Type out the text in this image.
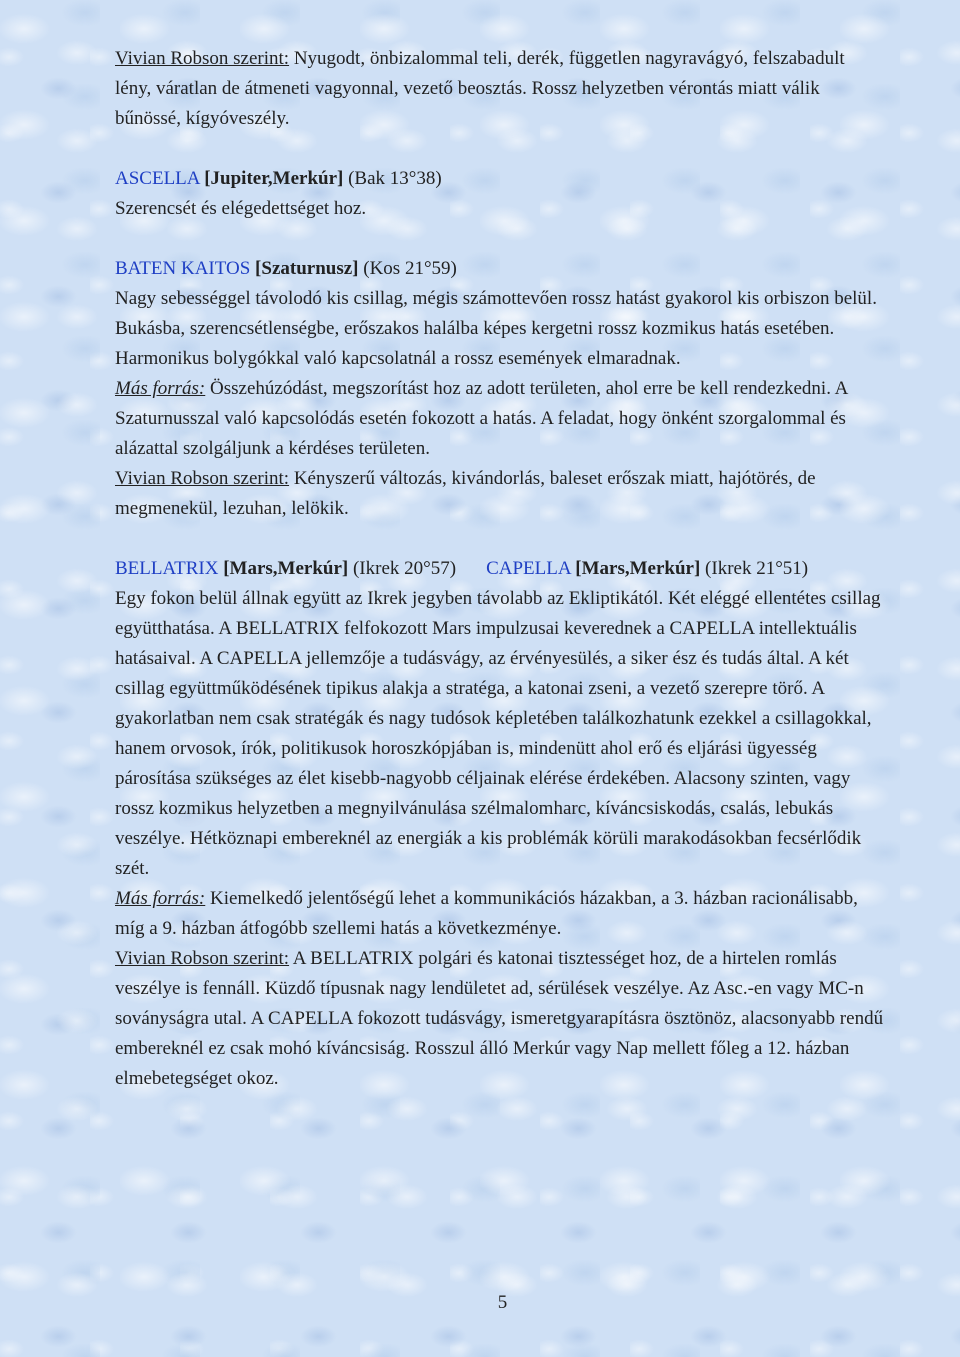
Vivian Robson szerint: Nyugodt, önbizalommal teli, derék, független nagyravágyó, felszabadult lény, váratlan de átmeneti vagyonnal, vezető beosztás. Rossz helyzetben vérontás miatt válik bűnössé, kígyóveszély.

ASCELLA [Jupiter,Merkúr] (Bak 13°38)

Szerencsét és elégedettséget hoz.

BATEN KAITOS [Szaturnusz] (Kos 21°59)

Nagy sebességgel távolodó kis csillag, mégis számottevően rossz hatást gyakorol kis orbiszon belül. Bukásba, szerencsétlenségbe, erőszakos halálba képes kergetni rossz kozmikus hatás esetében. Harmonikus bolygókkal való kapcsolatnál a rossz események elmaradnak.

Más forrás: Összehúzódást, megszorítást hoz az adott területen, ahol erre be kell rendezkedni. A Szaturnusszal való kapcsolódás esetén fokozott a hatás. A feladat, hogy önként szorgalommal és alázattal szolgáljunk a kérdéses területen.

Vivian Robson szerint: Kényszerű változás, kivándorlás, baleset erőszak miatt, hajótörés, de megmenekül, lezuhan, lelökik.

BELLATRIX [Mars,Merkúr] (Ikrek 20°57) CAPELLA [Mars,Merkúr] (Ikrek 21°51)

Egy fokon belül állnak együtt az Ikrek jegyben távolabb az Ekliptikától. Két eléggé ellentétes csillag együtthatása. A BELLATRIX felfokozott Mars impulzusai keverednek a CAPELLA intellektuális hatásaival. A CAPELLA jellemzője a tudásvágy, az érvényesülés, a siker ész és tudás által. A két csillag együttműködésének tipikus alakja a stratéga, a katonai zseni, a vezető szerepre törő. A gyakorlatban nem csak stratégák és nagy tudósok képletében találkozhatunk ezekkel a csillagokkal, hanem orvosok, írók, politikusok horoszkópjában is, mindenütt ahol erő és eljárási ügyesség párosítása szükséges az élet kisebb-nagyobb céljainak elérése érdekében. Alacsony szinten, vagy rossz kozmikus helyzetben a megnyilvánulása szélmalomharc, kíváncsiskodás, csalás, lebukás veszélye. Hétköznapi embereknél az energiák a kis problémák körüli marakodásokban fecsérlődik szét.

Más forrás: Kiemelkedő jelentőségű lehet a kommunikációs házakban, a 3. házban racionálisabb, míg a 9. házban átfogóbb szellemi hatás a következménye.

Vivian Robson szerint: A BELLATRIX polgári és katonai tisztességet hoz, de a hirtelen romlás veszélye is fennáll. Küzdő típusnak nagy lendületet ad, sérülések veszélye. Az Asc.-en vagy MC-n soványságra utal. A CAPELLA fokozott tudásvágy, ismeretgyarapításra ösztönöz, alacsonyabb rendű embereknél ez csak mohó kíváncsiság. Rosszul álló Merkúr vagy Nap mellett főleg a 12. házban elmebetegséget okoz.

5
